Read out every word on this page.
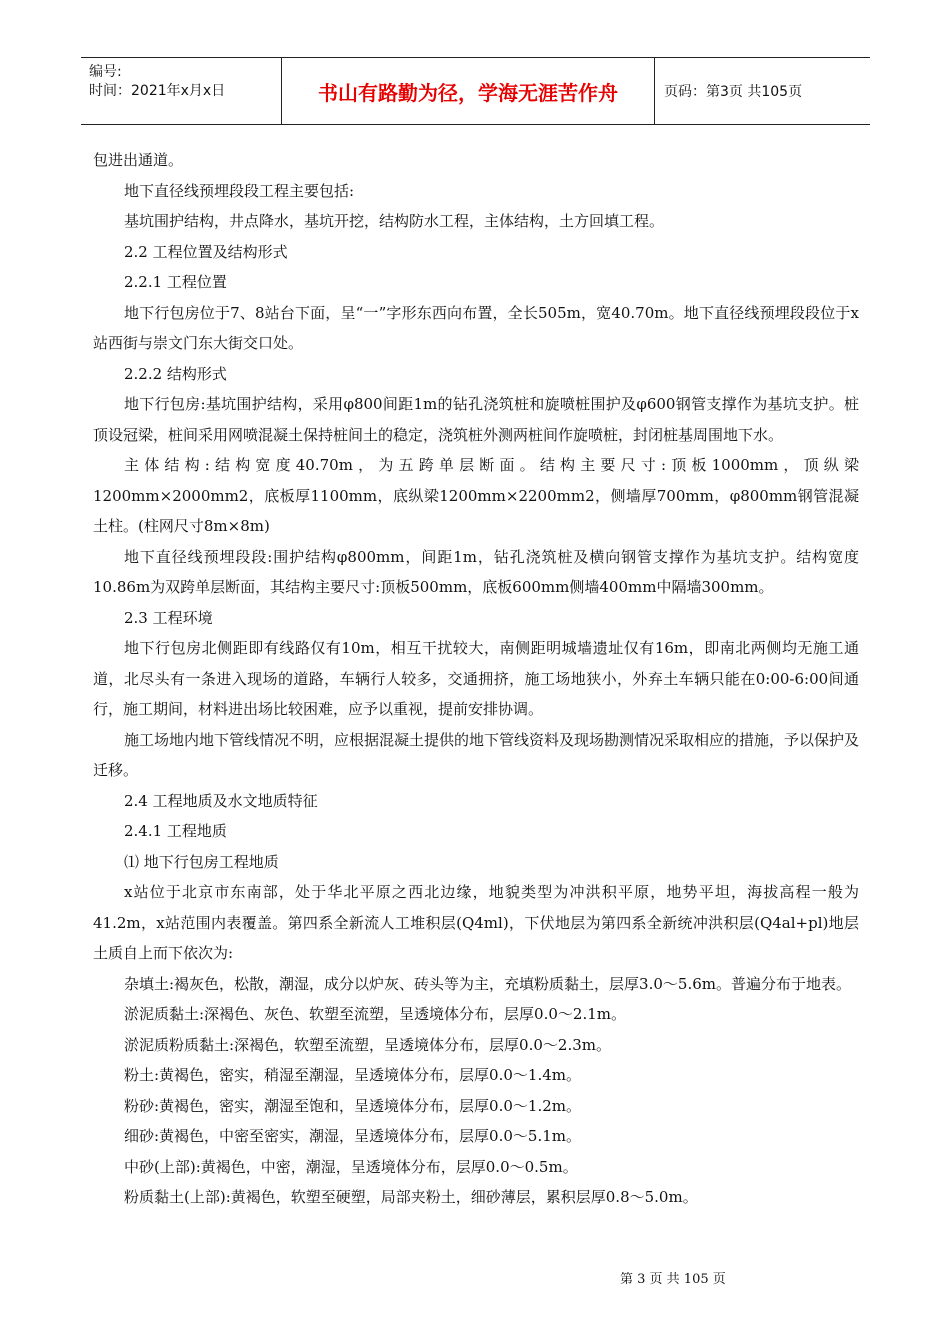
编号:
时间：2021年x月x日	书山有路勤为径，学海无涯苦作舟	页码：第3页 共105页

包进出通道。

地下直径线预埋段段工程主要包括:

基坑围护结构，井点降水，基坑开挖，结构防水工程，主体结构，土方回填工程。

2.2 工程位置及结构形式

2.2.1 工程位置

地下行包房位于7、8站台下面，呈“一”字形东西向布置，全长505m，宽40.70m。地下直径线预埋段段位于x站西街与崇文门东大街交口处。

2.2.2 结构形式

地下行包房:基坑围护结构，采用φ800间距1m的钻孔浇筑桩和旋喷桩围护及φ600钢管支撑作为基坑支护。桩顶设冠梁，桩间采用网喷混凝土保持桩间土的稳定，浇筑桩外测两桩间作旋喷桩，封闭桩基周围地下水。

主体结构:结构宽度40.70m，为五跨单层断面。结构主要尺寸:顶板1000mm，顶纵梁1200mm×2000mm2，底板厚1100mm，底纵梁1200mm×2200mm2，侧墙厚700mm，φ800mm钢管混凝土柱。(柱网尺寸8m×8m)

地下直径线预埋段段:围护结构φ800mm，间距1m，钻孔浇筑桩及横向钢管支撑作为基坑支护。结构宽度10.86m为双跨单层断面，其结构主要尺寸:顶板500mm，底板600mm侧墙400mm中隔墙300mm。

2.3 工程环境

地下行包房北侧距即有线路仅有10m，相互干扰较大，南侧距明城墙遗址仅有16m，即南北两侧均无施工通道，北尽头有一条进入现场的道路，车辆行人较多，交通拥挤，施工场地狭小，外弃土车辆只能在0:00-6:00间通行，施工期间，材料进出场比较困难，应予以重视，提前安排协调。

施工场地内地下管线情况不明，应根据混凝土提供的地下管线资料及现场勘测情况采取相应的措施，予以保护及迁移。

2.4 工程地质及水文地质特征

2.4.1 工程地质

⑴ 地下行包房工程地质

x站位于北京市东南部，处于华北平原之西北边缘，地貌类型为冲洪积平原，地势平坦，海拔高程一般为41.2m，x站范围内表覆盖。第四系全新流人工堆积层(Q4ml)，下伏地层为第四系全新统冲洪积层(Q4al+pl)地层土质自上而下依次为:

杂填土:褐灰色，松散，潮湿，成分以炉灰、砖头等为主，充填粉质黏土，层厚3.0～5.6m。普遍分布于地表。

淤泥质黏土:深褐色、灰色、软塑至流塑，呈透境体分布，层厚0.0～2.1m。

淤泥质粉质黏土:深褐色，软塑至流塑，呈透境体分布，层厚0.0～2.3m。

粉土:黄褐色，密实，稍湿至潮湿，呈透境体分布，层厚0.0～1.4m。

粉砂:黄褐色，密实，潮湿至饱和，呈透境体分布，层厚0.0～1.2m。

细砂:黄褐色，中密至密实，潮湿，呈透境体分布，层厚0.0～5.1m。

中砂(上部):黄褐色，中密，潮湿，呈透境体分布，层厚0.0～0.5m。

粉质黏土(上部):黄褐色，软塑至硬塑，局部夹粉土，细砂薄层，累积层厚0.8～5.0m。

第 3 页 共 105 页
